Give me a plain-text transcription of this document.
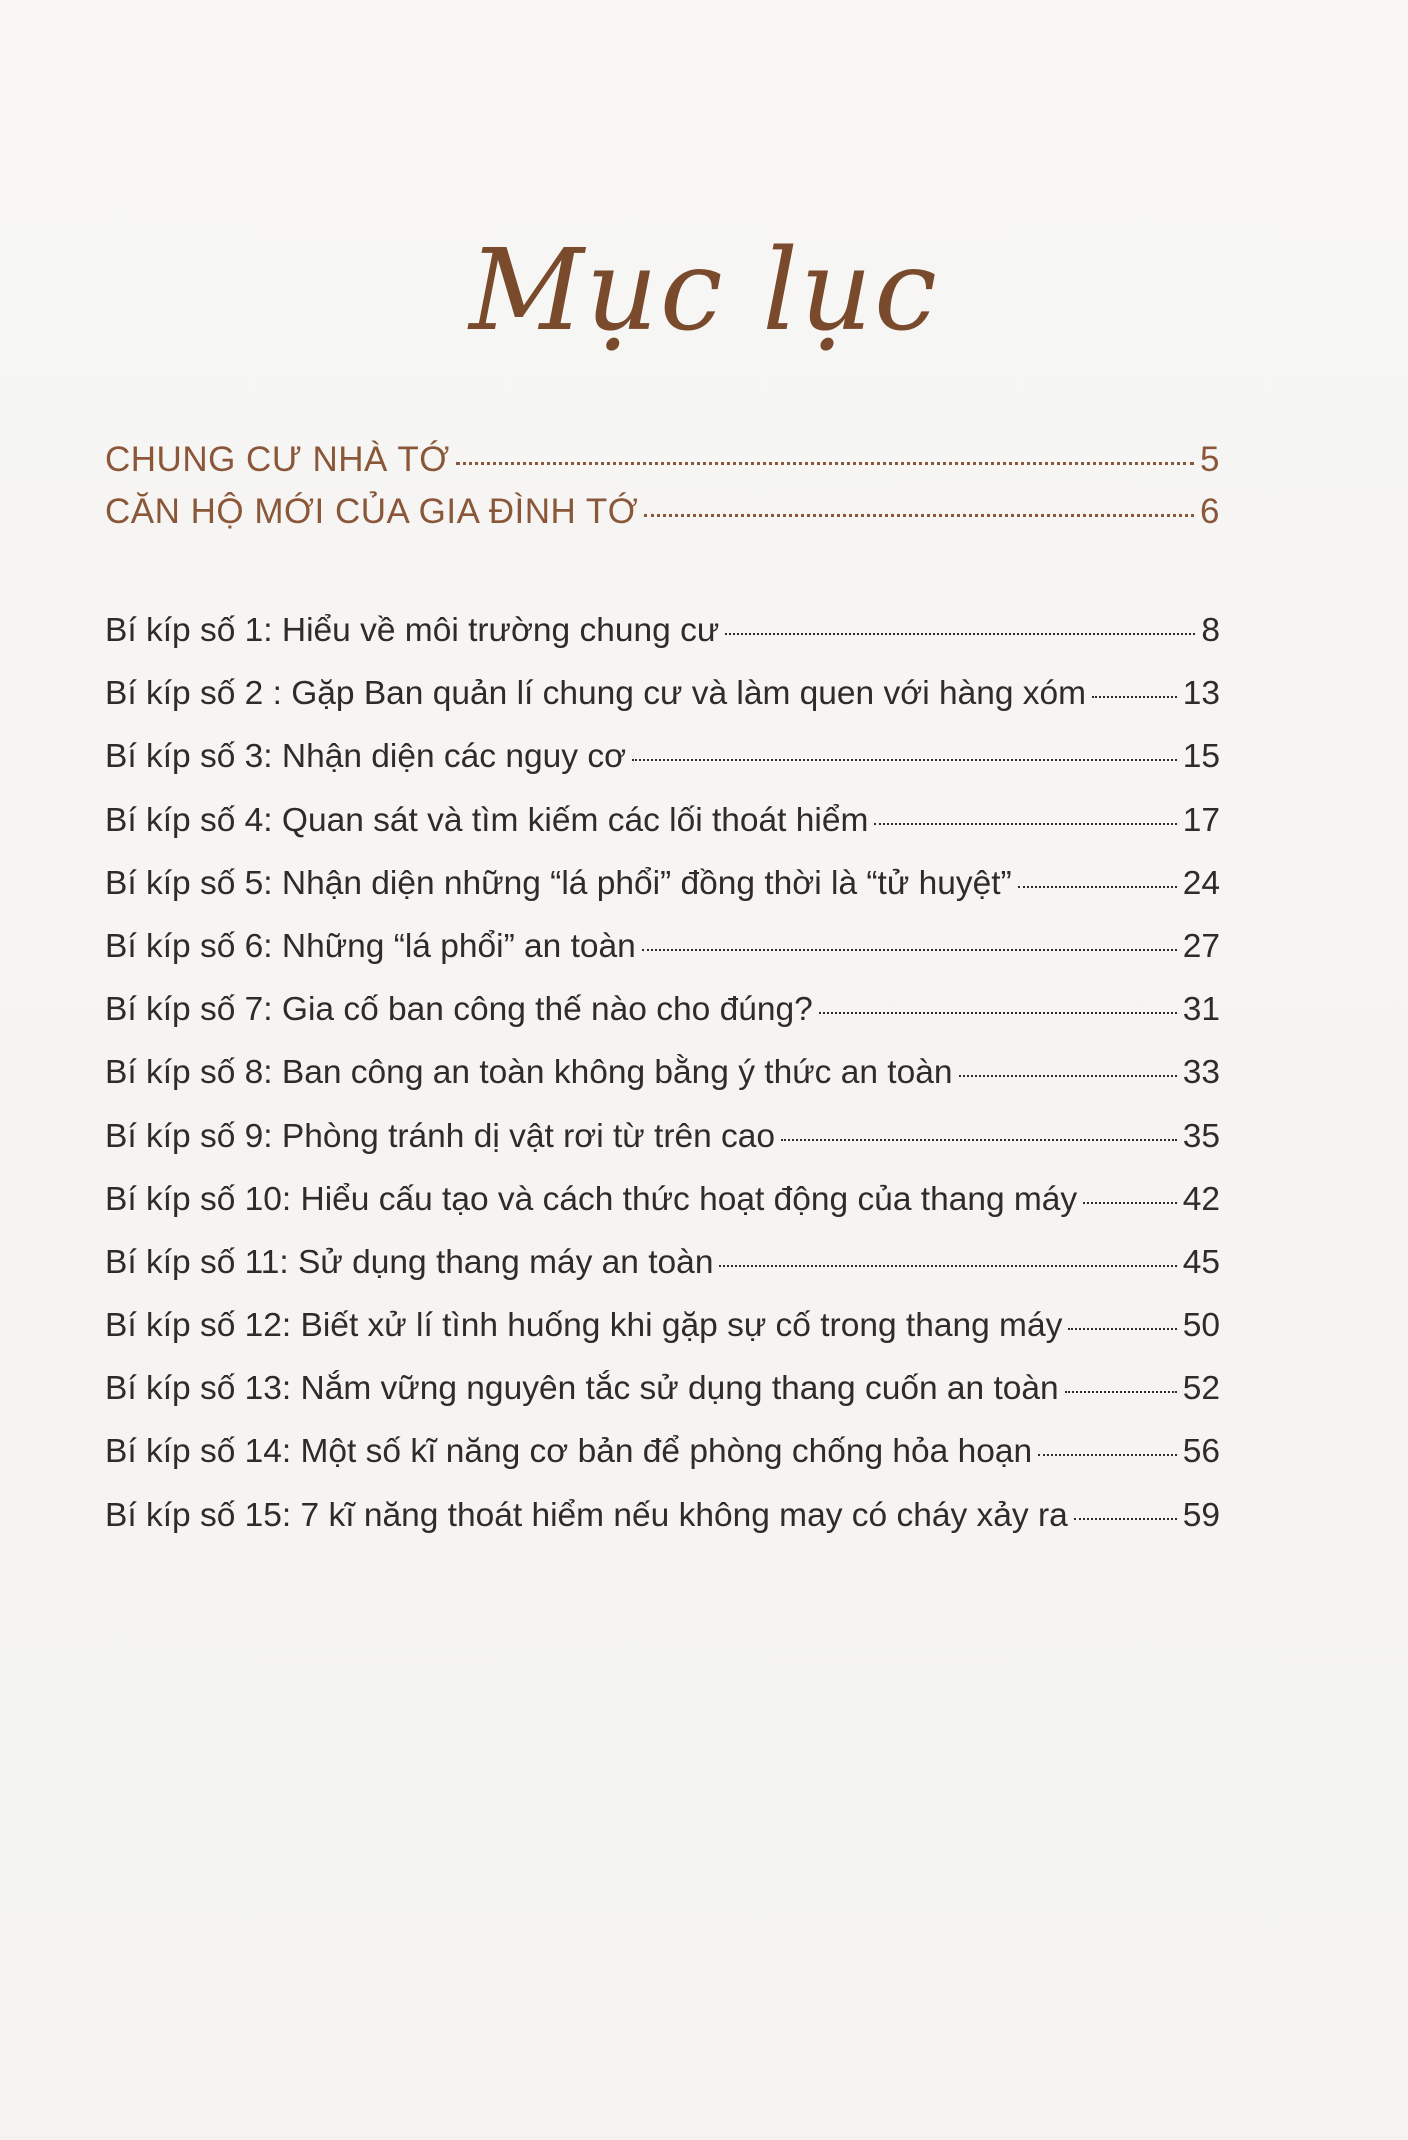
Mục lục
CHUNG CƯ NHÀ TỚ	5
CĂN HỘ MỚI CỦA GIA ĐÌNH TỚ	6
Bí kíp số 1: Hiểu về môi trường chung cư	8
Bí kíp số 2 : Gặp Ban quản lí chung cư và làm quen với hàng xóm	13
Bí kíp số 3: Nhận diện các nguy cơ	15
Bí kíp số 4: Quan sát và tìm kiếm các lối thoát hiểm	17
Bí kíp số 5: Nhận diện những “lá phổi” đồng thời là “tử huyệt”	24
Bí kíp số 6: Những “lá phổi” an toàn	27
Bí kíp số 7: Gia cố ban công thế nào cho đúng?	31
Bí kíp số 8: Ban công an toàn không bằng ý thức an toàn	33
Bí kíp số 9: Phòng tránh dị vật rơi từ trên cao	35
Bí kíp số 10: Hiểu cấu tạo và cách thức hoạt động của thang máy	42
Bí kíp số 11: Sử dụng thang máy an toàn	45
Bí kíp số 12: Biết xử lí tình huống khi gặp sự cố trong thang máy	50
Bí kíp số 13: Nắm vững nguyên tắc sử dụng thang cuốn an toàn	52
Bí kíp số 14: Một số kĩ năng cơ bản để phòng chống hỏa hoạn	56
Bí kíp số 15: 7 kĩ năng thoát hiểm nếu không may có cháy xảy ra	59
